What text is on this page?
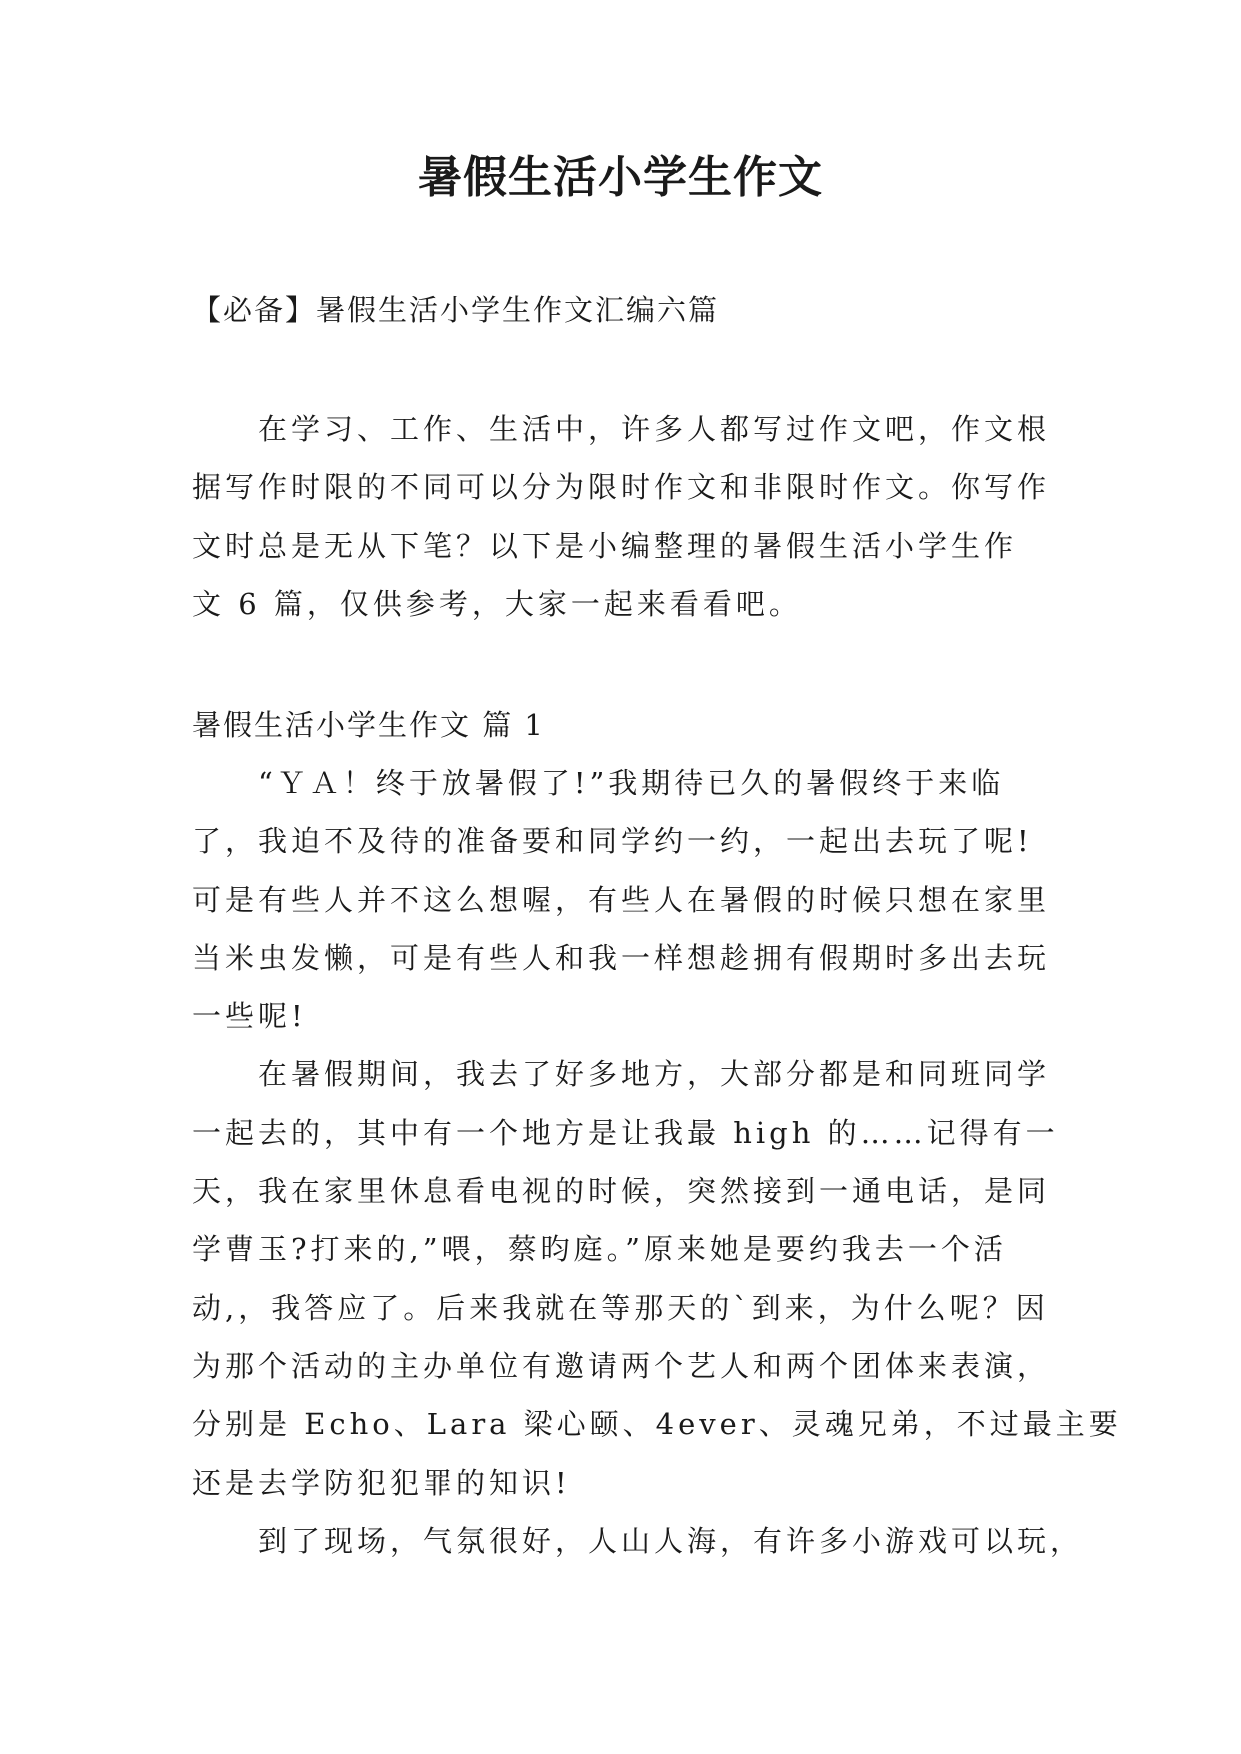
暑假生活小学生作文

【必备】暑假生活小学生作文汇编六篇

　　在学习、工作、生活中，许多人都写过作文吧，作文根
据写作时限的不同可以分为限时作文和非限时作文。你写作
文时总是无从下笔？以下是小编整理的暑假生活小学生作
文 6 篇，仅供参考，大家一起来看看吧。

暑假生活小学生作文 篇 1

　　“ＹＡ！终于放暑假了!”我期待已久的暑假终于来临
了，我迫不及待的准备要和同学约一约，一起出去玩了呢!
可是有些人并不这么想喔，有些人在暑假的时候只想在家里
当米虫发懒，可是有些人和我一样想趁拥有假期时多出去玩
一些呢!
　　在暑假期间，我去了好多地方，大部分都是和同班同学
一起去的，其中有一个地方是让我最 high 的……记得有一
天，我在家里休息看电视的时候，突然接到一通电话，是同
学曹玉?打来的,”喂，蔡昀庭。”原来她是要约我去一个活
动,，我答应了。后来我就在等那天的`到来，为什么呢？因
为那个活动的主办单位有邀请两个艺人和两个团体来表演，
分别是 Echo、Lara 梁心颐、4ever、灵魂兄弟，不过最主要
还是去学防犯犯罪的知识!
　　到了现场，气氛很好，人山人海，有许多小游戏可以玩，
